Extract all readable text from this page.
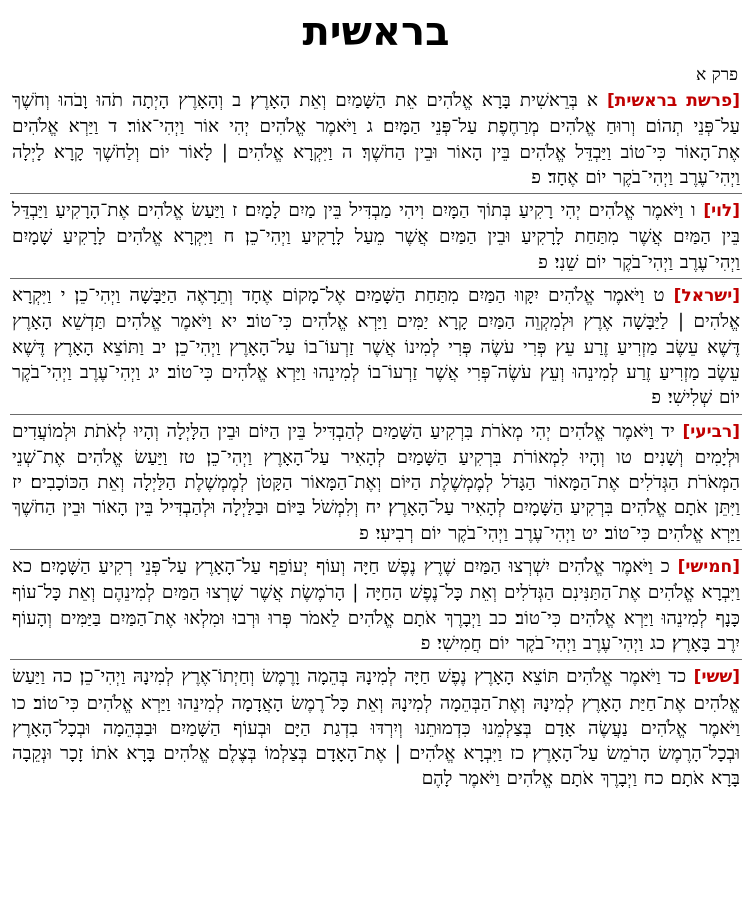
בראשית
פרק א

[פרשת בראשית] א בְּרֵאשִׁית בָּרָא אֱלֹהִים אֵת הַשָּׁמַיִם וְאֵת הָאָרֶץ׃ ב וְהָאָרֶץ הָיְתָה תֹהוּ וָבֹהוּ וְחֹשֶׁךְ עַל־פְּנֵי תְהוֹם וְרוּחַ אֱלֹהִים מְרַחֶפֶת עַל־פְּנֵי הַמָּיִם׃ ג וַיֹּאמֶר אֱלֹהִים יְהִי אוֹר וַיְהִי־אוֹר׃ ד וַיַּרְא אֱלֹהִים אֶת־הָאוֹר כִּי־טוֹב וַיַּבְדֵּל אֱלֹהִים בֵּין הָאוֹר וּבֵין הַחֹשֶׁךְ׃ ה וַיִּקְרָא אֱלֹהִים | לָאוֹר יוֹם וְלַחֹשֶׁךְ קָרָא לָיְלָה וַיְהִי־עֶרֶב וַיְהִי־בֹקֶר יוֹם אֶחָד׃ פ

[לוי] ו וַיֹּאמֶר אֱלֹהִים יְהִי רָקִיעַ בְּתוֹךְ הַמָּיִם וִיהִי מַבְדִּיל בֵּין מַיִם לָמָיִם׃ ז וַיַּעַשׂ אֱלֹהִים אֶת־הָרָקִיעַ וַיַּבְדֵּל בֵּין הַמַּיִם אֲשֶׁר מִתַּחַת לָרָקִיעַ וּבֵין הַמַּיִם אֲשֶׁר מֵעַל לָרָקִיעַ וַיְהִי־כֵן׃ ח וַיִּקְרָא אֱלֹהִים לָרָקִיעַ שָׁמָיִם וַיְהִי־עֶרֶב וַיְהִי־בֹקֶר יוֹם שֵׁנִי׃ פ

[ישראל] ט וַיֹּאמֶר אֱלֹהִים יִקָּווּ הַמַּיִם מִתַּחַת הַשָּׁמַיִם אֶל־מָקוֹם אֶחָד וְתֵרָאֶה הַיַּבָּשָׁה וַיְהִי־כֵן׃ י וַיִּקְרָא אֱלֹהִים | לַיַּבָּשָׁה אֶרֶץ וּלְמִקְוֵה הַמַּיִם קָרָא יַמִּים וַיַּרְא אֱלֹהִים כִּי־טוֹב׃ יא וַיֹּאמֶר אֱלֹהִים תַּדְשֵׁא הָאָרֶץ דֶּשֶׁא עֵשֶׂב מַזְרִיעַ זֶרַע עֵץ פְּרִי עֹשֶׂה פְּרִי לְמִינוֹ אֲשֶׁר זַרְעוֹ־בוֹ עַל־הָאָרֶץ וַיְהִי־כֵן׃ יב וַתּוֹצֵא הָאָרֶץ דֶּשֶׁא עֵשֶׂב מַזְרִיעַ זֶרַע לְמִינֵהוּ וְעֵץ עֹשֶׂה־פְּרִי אֲשֶׁר זַרְעוֹ־בוֹ לְמִינֵהוּ וַיַּרְא אֱלֹהִים כִּי־טוֹב׃ יג וַיְהִי־עֶרֶב וַיְהִי־בֹקֶר יוֹם שְׁלִישִׁי׃ פ

[רביעי] יד וַיֹּאמֶר אֱלֹהִים יְהִי מְאֹרֹת בִּרְקִיעַ הַשָּׁמַיִם לְהַבְדִּיל בֵּין הַיּוֹם וּבֵין הַלָּיְלָה וְהָיוּ לְאֹתֹת וּלְמוֹעֲדִים וּלְיָמִים וְשָׁנִים׃ טו וְהָיוּ לִמְאוֹרֹת בִּרְקִיעַ הַשָּׁמַיִם לְהָאִיר עַל־הָאָרֶץ וַיְהִי־כֵן׃ טז וַיַּעַשׂ אֱלֹהִים אֶת־שְׁנֵי הַמְּאֹרֹת הַגְּדֹלִים אֶת־הַמָּאוֹר הַגָּדֹל לְמֶמְשֶׁלֶת הַיּוֹם וְאֶת־הַמָּאוֹר הַקָּטֹן לְמֶמְשֶׁלֶת הַלַּיְלָה וְאֵת הַכּוֹכָבִים׃ יז וַיִּתֵּן אֹתָם אֱלֹהִים בִּרְקִיעַ הַשָּׁמָיִם לְהָאִיר עַל־הָאָרֶץ׃ יח וְלִמְשֹׁל בַּיּוֹם וּבַלַּיְלָה וּלְהַבְדִּיל בֵּין הָאוֹר וּבֵין הַחֹשֶׁךְ וַיַּרְא אֱלֹהִים כִּי־טוֹב׃ יט וַיְהִי־עֶרֶב וַיְהִי־בֹקֶר יוֹם רְבִיעִי׃ פ

[חמישי] כ וַיֹּאמֶר אֱלֹהִים יִשְׁרְצוּ הַמַּיִם שֶׁרֶץ נֶפֶשׁ חַיָּה וְעוֹף יְעוֹפֵף עַל־הָאָרֶץ עַל־פְּנֵי רְקִיעַ הַשָּׁמָיִם׃ כא וַיִּבְרָא אֱלֹהִים אֶת־הַתַּנִּינִם הַגְּדֹלִים וְאֵת כָּל־נֶפֶשׁ הַחַיָּה | הָרֹמֶשֶׂת אֲשֶׁר שָׁרְצוּ הַמַּיִם לְמִינֵהֶם וְאֵת כָּל־עוֹף כָּנָף לְמִינֵהוּ וַיַּרְא אֱלֹהִים כִּי־טוֹב׃ כב וַיְבָרֶךְ אֹתָם אֱלֹהִים לֵאמֹר פְּרוּ וּרְבוּ וּמִלְאוּ אֶת־הַמַּיִם בַּיַּמִּים וְהָעוֹף יִרֶב בָּאָרֶץ׃ כג וַיְהִי־עֶרֶב וַיְהִי־בֹקֶר יוֹם חֲמִישִׁי׃ פ

[ששי] כד וַיֹּאמֶר אֱלֹהִים תּוֹצֵא הָאָרֶץ נֶפֶשׁ חַיָּה לְמִינָהּ בְּהֵמָה וָרֶמֶשׂ וְחַיְתוֹ־אֶרֶץ לְמִינָהּ וַיְהִי־כֵן׃ כה וַיַּעַשׂ אֱלֹהִים אֶת־חַיַּת הָאָרֶץ לְמִינָהּ וְאֶת־הַבְּהֵמָה לְמִינָהּ וְאֵת כָּל־רֶמֶשׂ הָאֲדָמָה לְמִינֵהוּ וַיַּרְא אֱלֹהִים כִּי־טוֹב׃ כו וַיֹּאמֶר אֱלֹהִים נַעֲשֶׂה אָדָם בְּצַלְמֵנוּ כִּדְמוּתֵנוּ וְיִרְדּוּ בִדְגַת הַיָּם וּבְעוֹף הַשָּׁמַיִם וּבַבְּהֵמָה וּבְכָל־הָאָרֶץ וּבְכָל־הָרֶמֶשׂ הָרֹמֵשׂ עַל־הָאָרֶץ׃ כז וַיִּבְרָא אֱלֹהִים | אֶת־הָאָדָם בְּצַלְמוֹ בְּצֶלֶם אֱלֹהִים בָּרָא אֹתוֹ זָכָר וּנְקֵבָה בָּרָא אֹתָם׃ כח וַיְבָרֶךְ אֹתָם אֱלֹהִים וַיֹּאמֶר לָהֶם
